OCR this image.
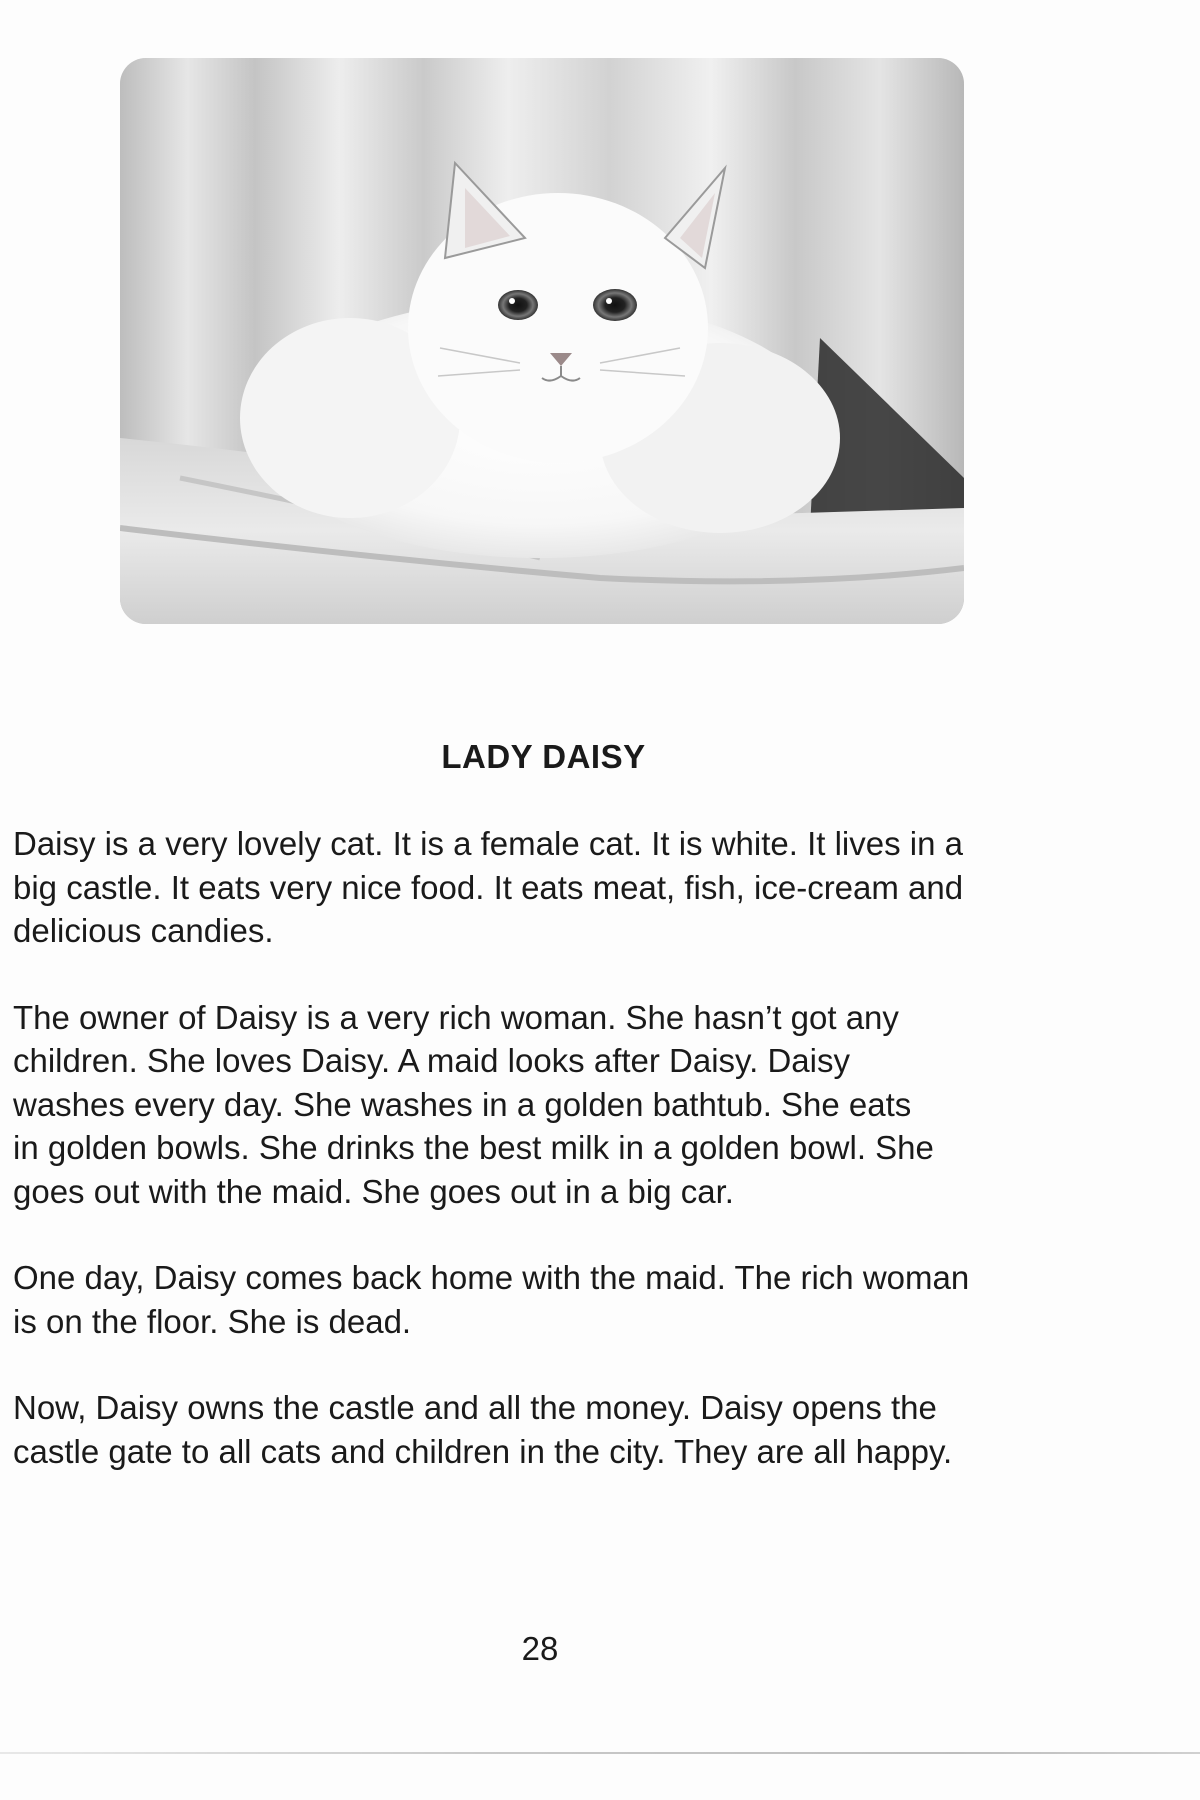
LADY DAISY

Daisy is a very lovely cat. It is a female cat. It is white. It lives in a
big castle. It eats very nice food. It eats meat, fish, ice-cream and
delicious candies.

The owner of Daisy is a very rich woman. She hasn’t got any
children. She loves Daisy. A maid looks after Daisy. Daisy
washes every day. She washes in a golden bathtub. She eats
in golden bowls. She drinks the best milk in a golden bowl. She
goes out with the maid. She goes out in a big car.

One day, Daisy comes back home with the maid. The rich woman
is on the floor. She is dead.

Now, Daisy owns the castle and all the money. Daisy opens the
castle gate to all cats and children in the city. They are all happy.

28
